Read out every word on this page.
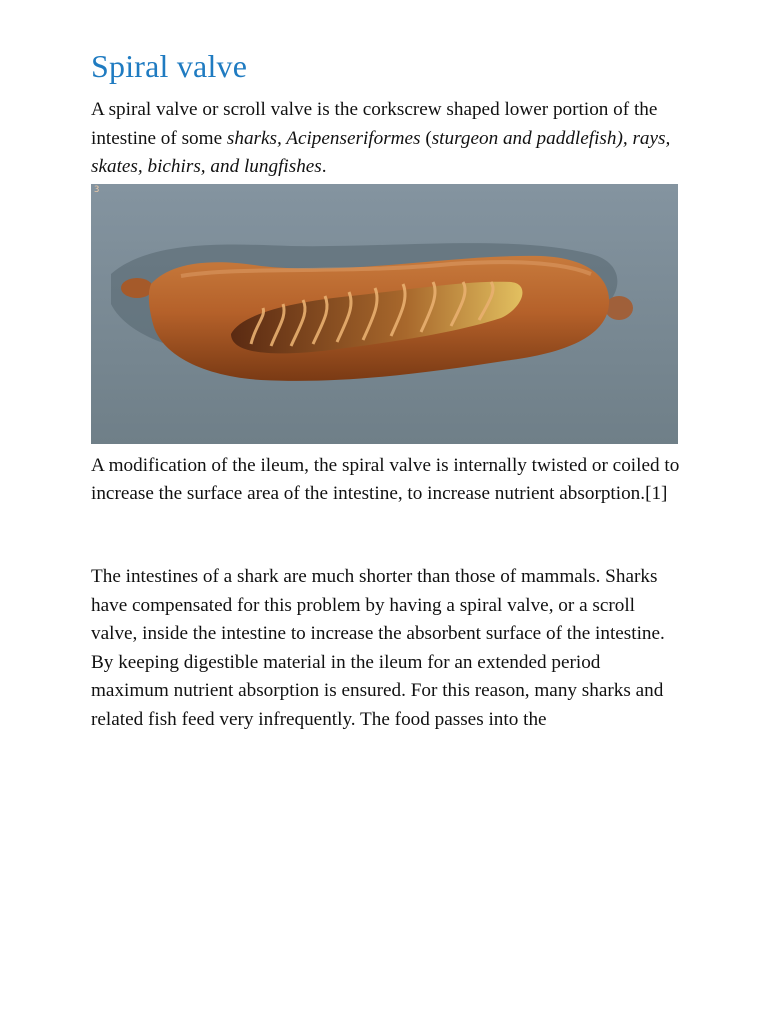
Spiral valve

A spiral valve or scroll valve is the corkscrew shaped lower portion of the intestine of some sharks, Acipenseriformes (sturgeon and paddlefish), rays, skates, bichirs, and lungfishes.

3

A modification of the ileum, the spiral valve is internally twisted or coiled to increase the surface area of the intestine, to increase nutrient absorption.[1]

The intestines of a shark are much shorter than those of mammals. Sharks have compensated for this problem by having a spiral valve, or a scroll valve, inside the intestine to increase the absorbent surface of the intestine. By keeping digestible material in the ileum for an extended period maximum nutrient absorption is ensured. For this reason, many sharks and related fish feed very infrequently. The food passes into the
